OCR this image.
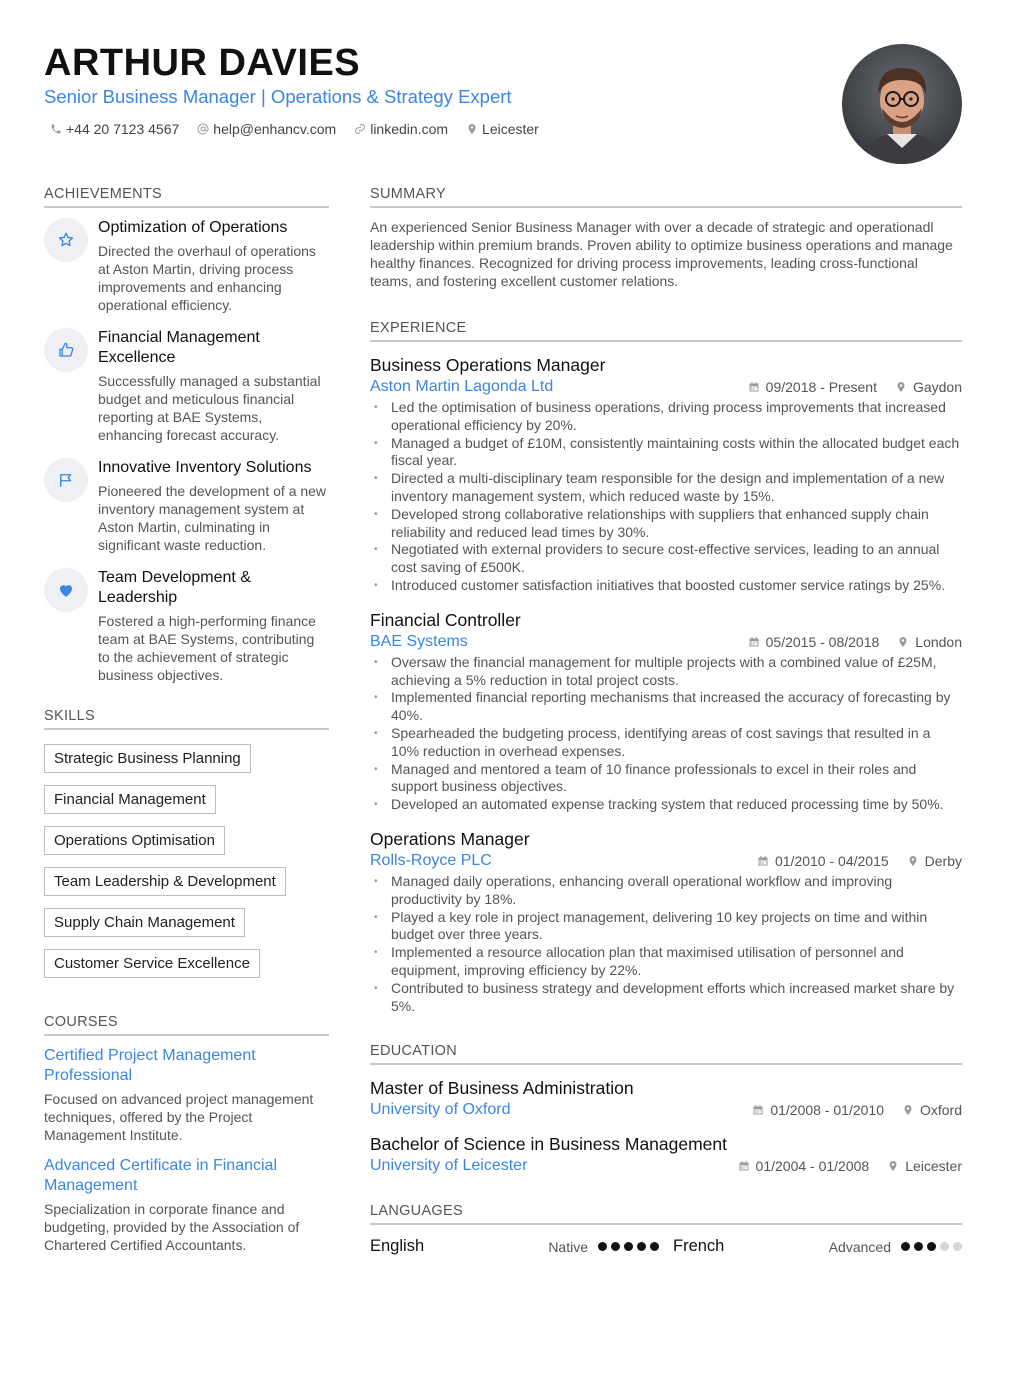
ARTHUR DAVIES
Senior Business Manager | Operations & Strategy Expert
+44 20 7123 4567 help@enhancv.com linkedin.com Leicester
ACHIEVEMENTS
Optimization of Operations
Directed the overhaul of operations at Aston Martin, driving process improvements and enhancing operational efficiency.
Financial Management Excellence
Successfully managed a substantial budget and meticulous financial reporting at BAE Systems, enhancing forecast accuracy.
Innovative Inventory Solutions
Pioneered the development of a new inventory management system at Aston Martin, culminating in significant waste reduction.
Team Development & Leadership
Fostered a high-performing finance team at BAE Systems, contributing to the achievement of strategic business objectives.
SKILLS
Strategic Business Planning
Financial Management
Operations Optimisation
Team Leadership & Development
Supply Chain Management
Customer Service Excellence
COURSES
Certified Project Management Professional
Focused on advanced project management techniques, offered by the Project Management Institute.
Advanced Certificate in Financial Management
Specialization in corporate finance and budgeting, provided by the Association of Chartered Certified Accountants.
SUMMARY
An experienced Senior Business Manager with over a decade of strategic and operationadl leadership within premium brands. Proven ability to optimize business operations and manage healthy finances. Recognized for driving process improvements, leading cross-functional teams, and fostering excellent customer relations.
EXPERIENCE
Business Operations Manager
Aston Martin Lagonda Ltd	09/2018 - Present	Gaydon
• Led the optimisation of business operations, driving process improvements that increased operational efficiency by 20%.
• Managed a budget of £10M, consistently maintaining costs within the allocated budget each fiscal year.
• Directed a multi-disciplinary team responsible for the design and implementation of a new inventory management system, which reduced waste by 15%.
• Developed strong collaborative relationships with suppliers that enhanced supply chain reliability and reduced lead times by 30%.
• Negotiated with external providers to secure cost-effective services, leading to an annual cost saving of £500K.
• Introduced customer satisfaction initiatives that boosted customer service ratings by 25%.
Financial Controller
BAE Systems	05/2015 - 08/2018	London
• Oversaw the financial management for multiple projects with a combined value of £25M, achieving a 5% reduction in total project costs.
• Implemented financial reporting mechanisms that increased the accuracy of forecasting by 40%.
• Spearheaded the budgeting process, identifying areas of cost savings that resulted in a 10% reduction in overhead expenses.
• Managed and mentored a team of 10 finance professionals to excel in their roles and support business objectives.
• Developed an automated expense tracking system that reduced processing time by 50%.
Operations Manager
Rolls-Royce PLC	01/2010 - 04/2015	Derby
• Managed daily operations, enhancing overall operational workflow and improving productivity by 18%.
• Played a key role in project management, delivering 10 key projects on time and within budget over three years.
• Implemented a resource allocation plan that maximised utilisation of personnel and equipment, improving efficiency by 22%.
• Contributed to business strategy and development efforts which increased market share by 5%.
EDUCATION
Master of Business Administration
University of Oxford	01/2008 - 01/2010	Oxford
Bachelor of Science in Business Management
University of Leicester	01/2004 - 01/2008	Leicester
LANGUAGES
English	Native	French	Advanced
